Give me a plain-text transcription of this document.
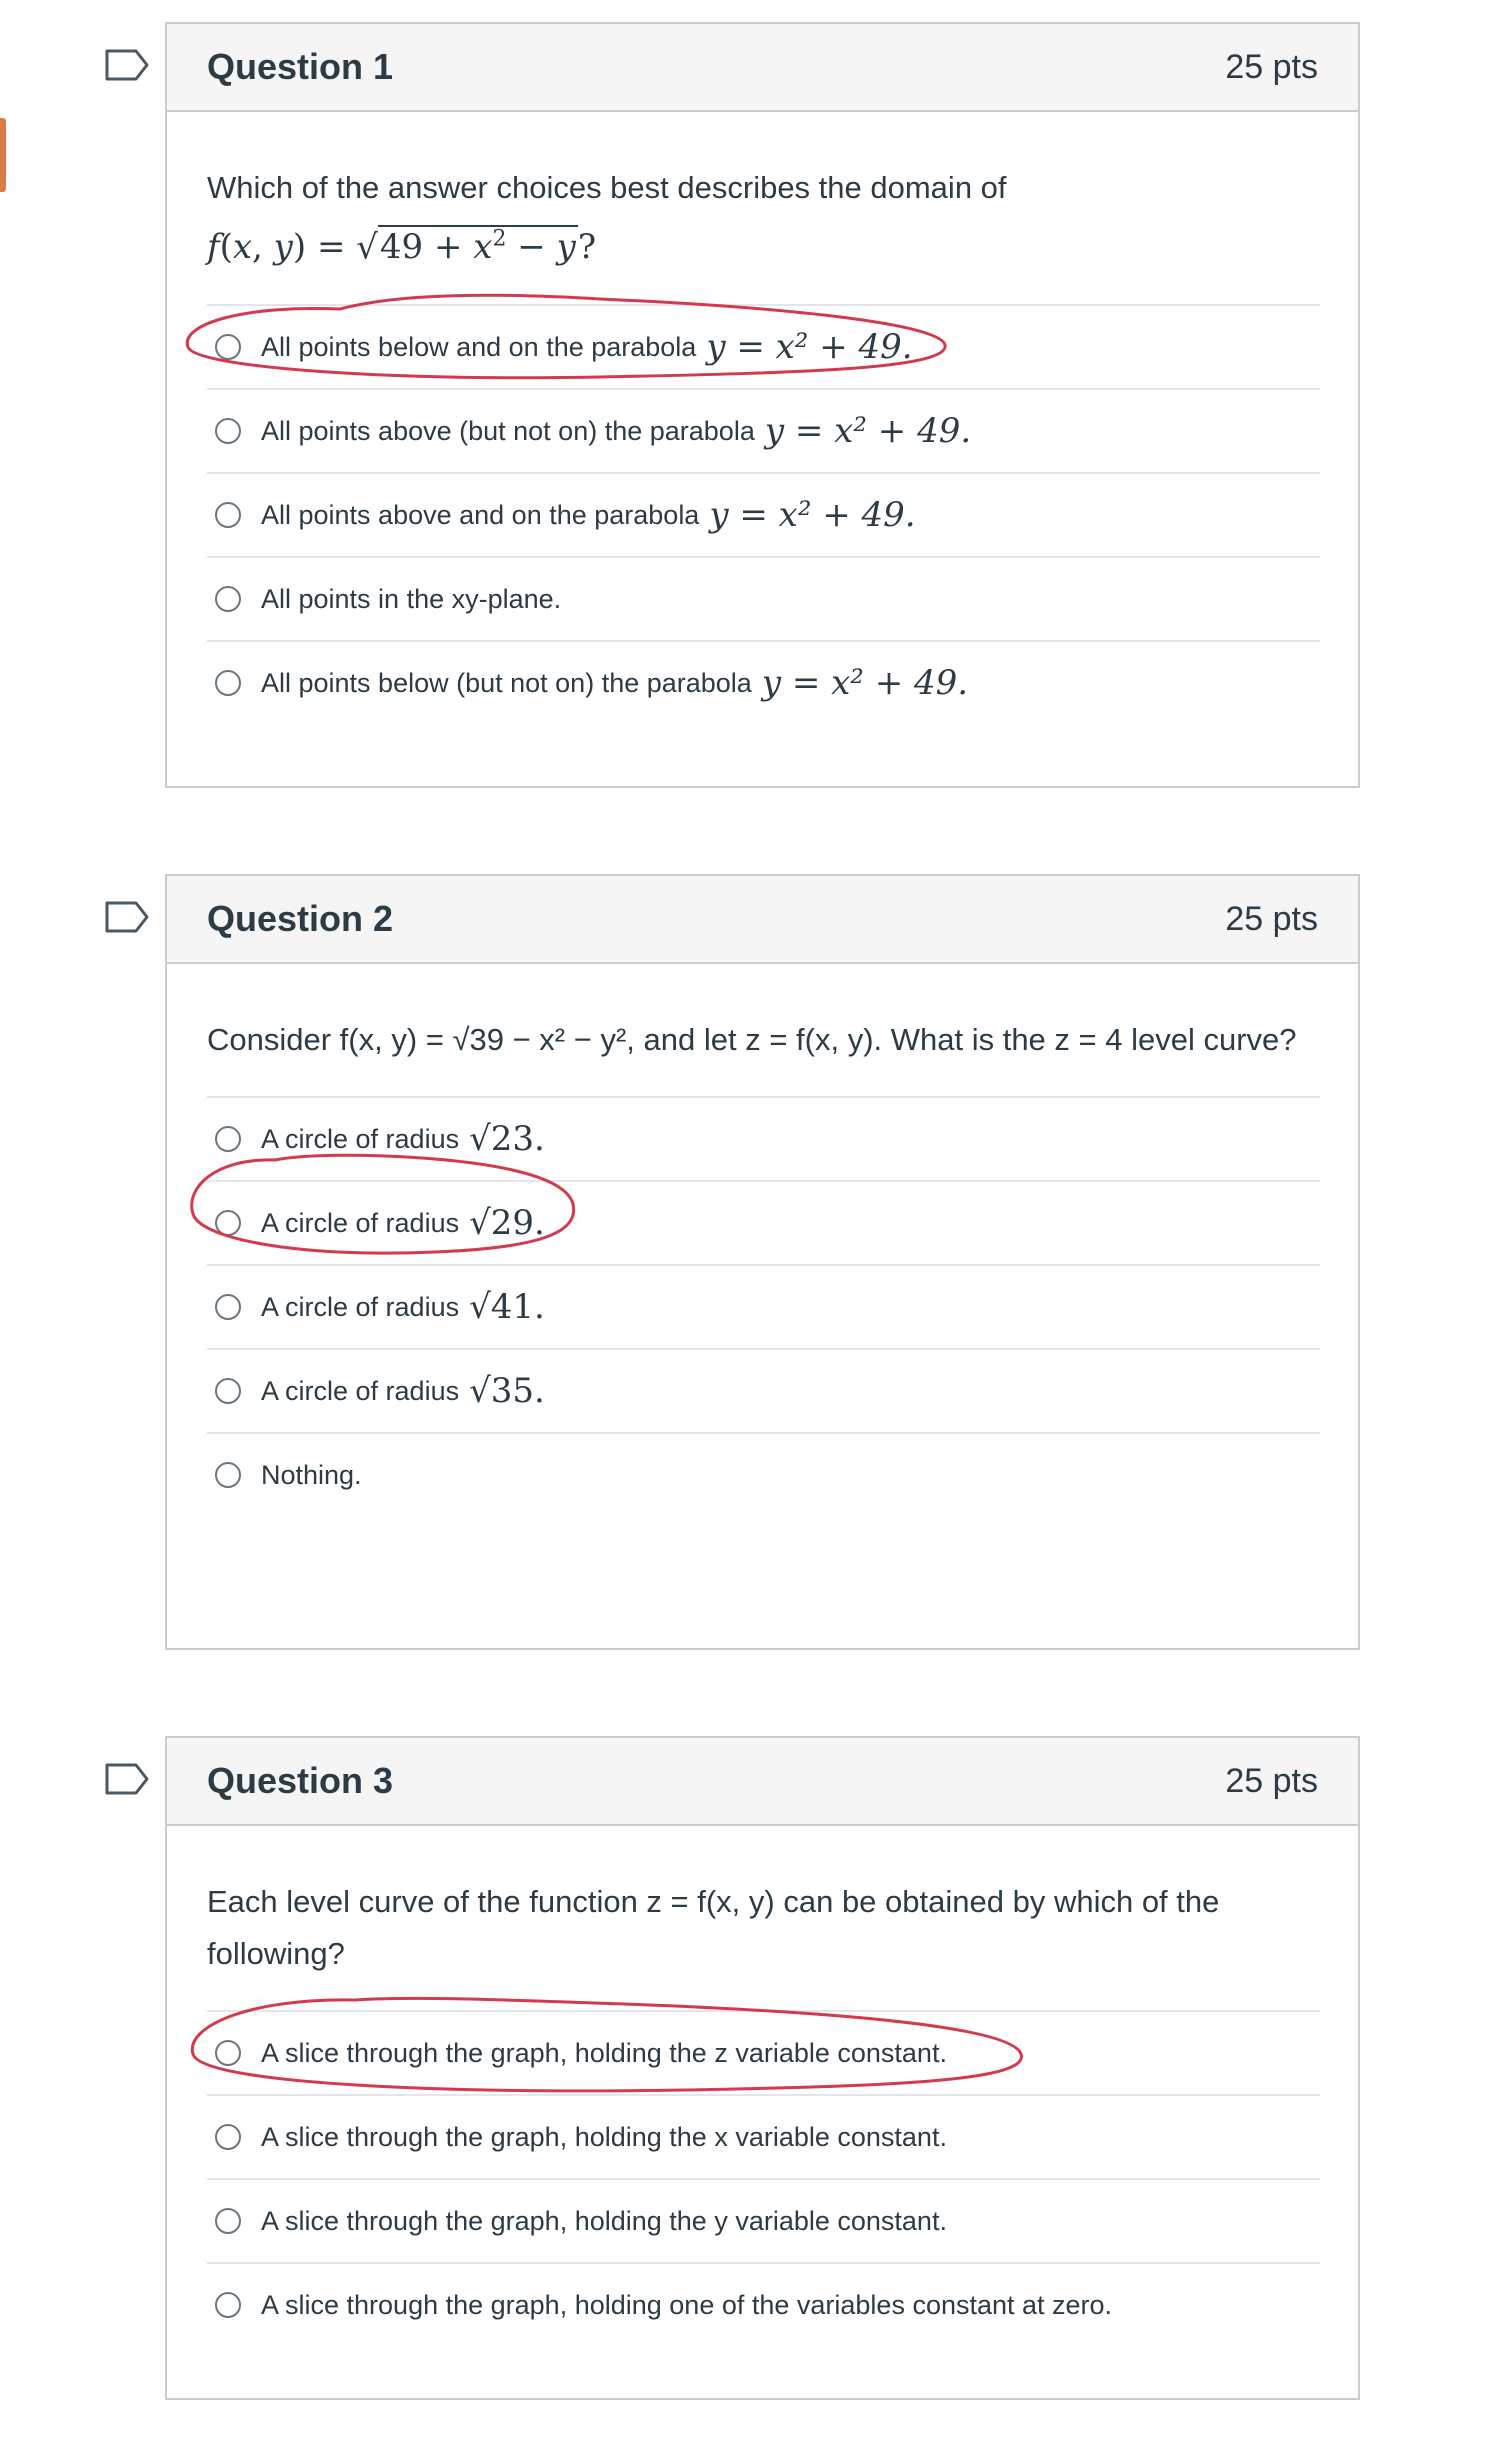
Question 1	25 pts
Which of the answer choices best describes the domain of
f(x, $y) = √49 + x^2 - y$?
All points below and on the parabola y = x² + 49.
All points above (but not on) the parabola y = x² + 49.
All points above and on the parabola y = x² + 49.
All points in the xy-plane.
All points below (but not on) the parabola y = x² + 49.
Question 2	25 pts
Consider f(x, y) = √39 − x² − y², and let z = f(x, y). What is the z = 4 level curve?
A circle of radius √23.
A circle of radius √29.
A circle of radius √41.
A circle of radius √35.
Nothing.
Question 3	25 pts
Each level curve of the function z = f(x, y) can be obtained by which of the following?
A slice through the graph, holding the z variable constant.
A slice through the graph, holding the x variable constant.
A slice through the graph, holding the y variable constant.
A slice through the graph, holding one of the variables constant at zero.
